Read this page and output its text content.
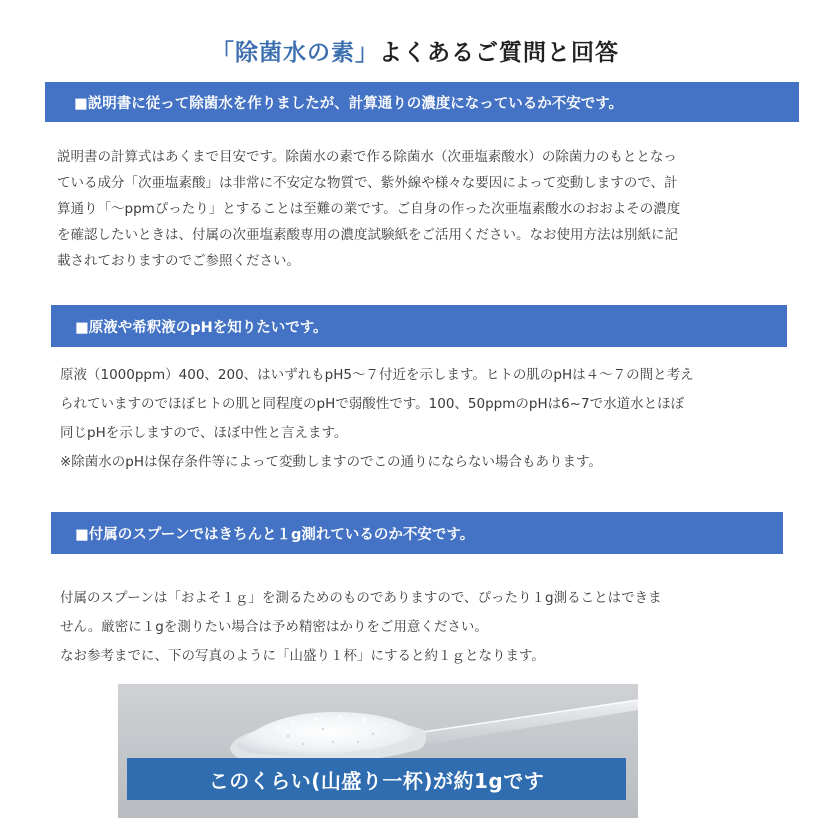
「除菌水の素」よくあるご質問と回答
■説明書に従って除菌水を作りましたが、計算通りの濃度になっているか不安です。
説明書の計算式はあくまで目安です。除菌水の素で作る除菌水（次亜塩素酸水）の除菌力のもととなっ
ている成分「次亜塩素酸」は非常に不安定な物質で、紫外線や様々な要因によって変動しますので、計
算通り「～ppmぴったり」とすることは至難の業です。ご自身の作った次亜塩素酸水のおおよその濃度
を確認したいときは、付属の次亜塩素酸専用の濃度試験紙をご活用ください。なお使用方法は別紙に記
載されておりますのでご参照ください。
■原液や希釈液のpHを知りたいです。
原液（1000ppm）400、200、はいずれもpH5～７付近を示します。ヒトの肌のpHは４～７の間と考え
られていますのでほぼヒトの肌と同程度のpHで弱酸性です。100、50ppmのpHは6~7で水道水とほぼ
同じpHを示しますので、ほぼ中性と言えます。
※除菌水のpHは保存条件等によって変動しますのでこの通りにならない場合もあります。
■付属のスプーンではきちんと１g測れているのか不安です。
付属のスプーンは「およそ１ｇ」を測るためのものでありますので、ぴったり１g測ることはできま
せん。厳密に１gを測りたい場合は予め精密はかりをご用意ください。
なお参考までに、下の写真のように「山盛り１杯」にすると約１ｇとなります。
このくらい(山盛り一杯)が約1gです
